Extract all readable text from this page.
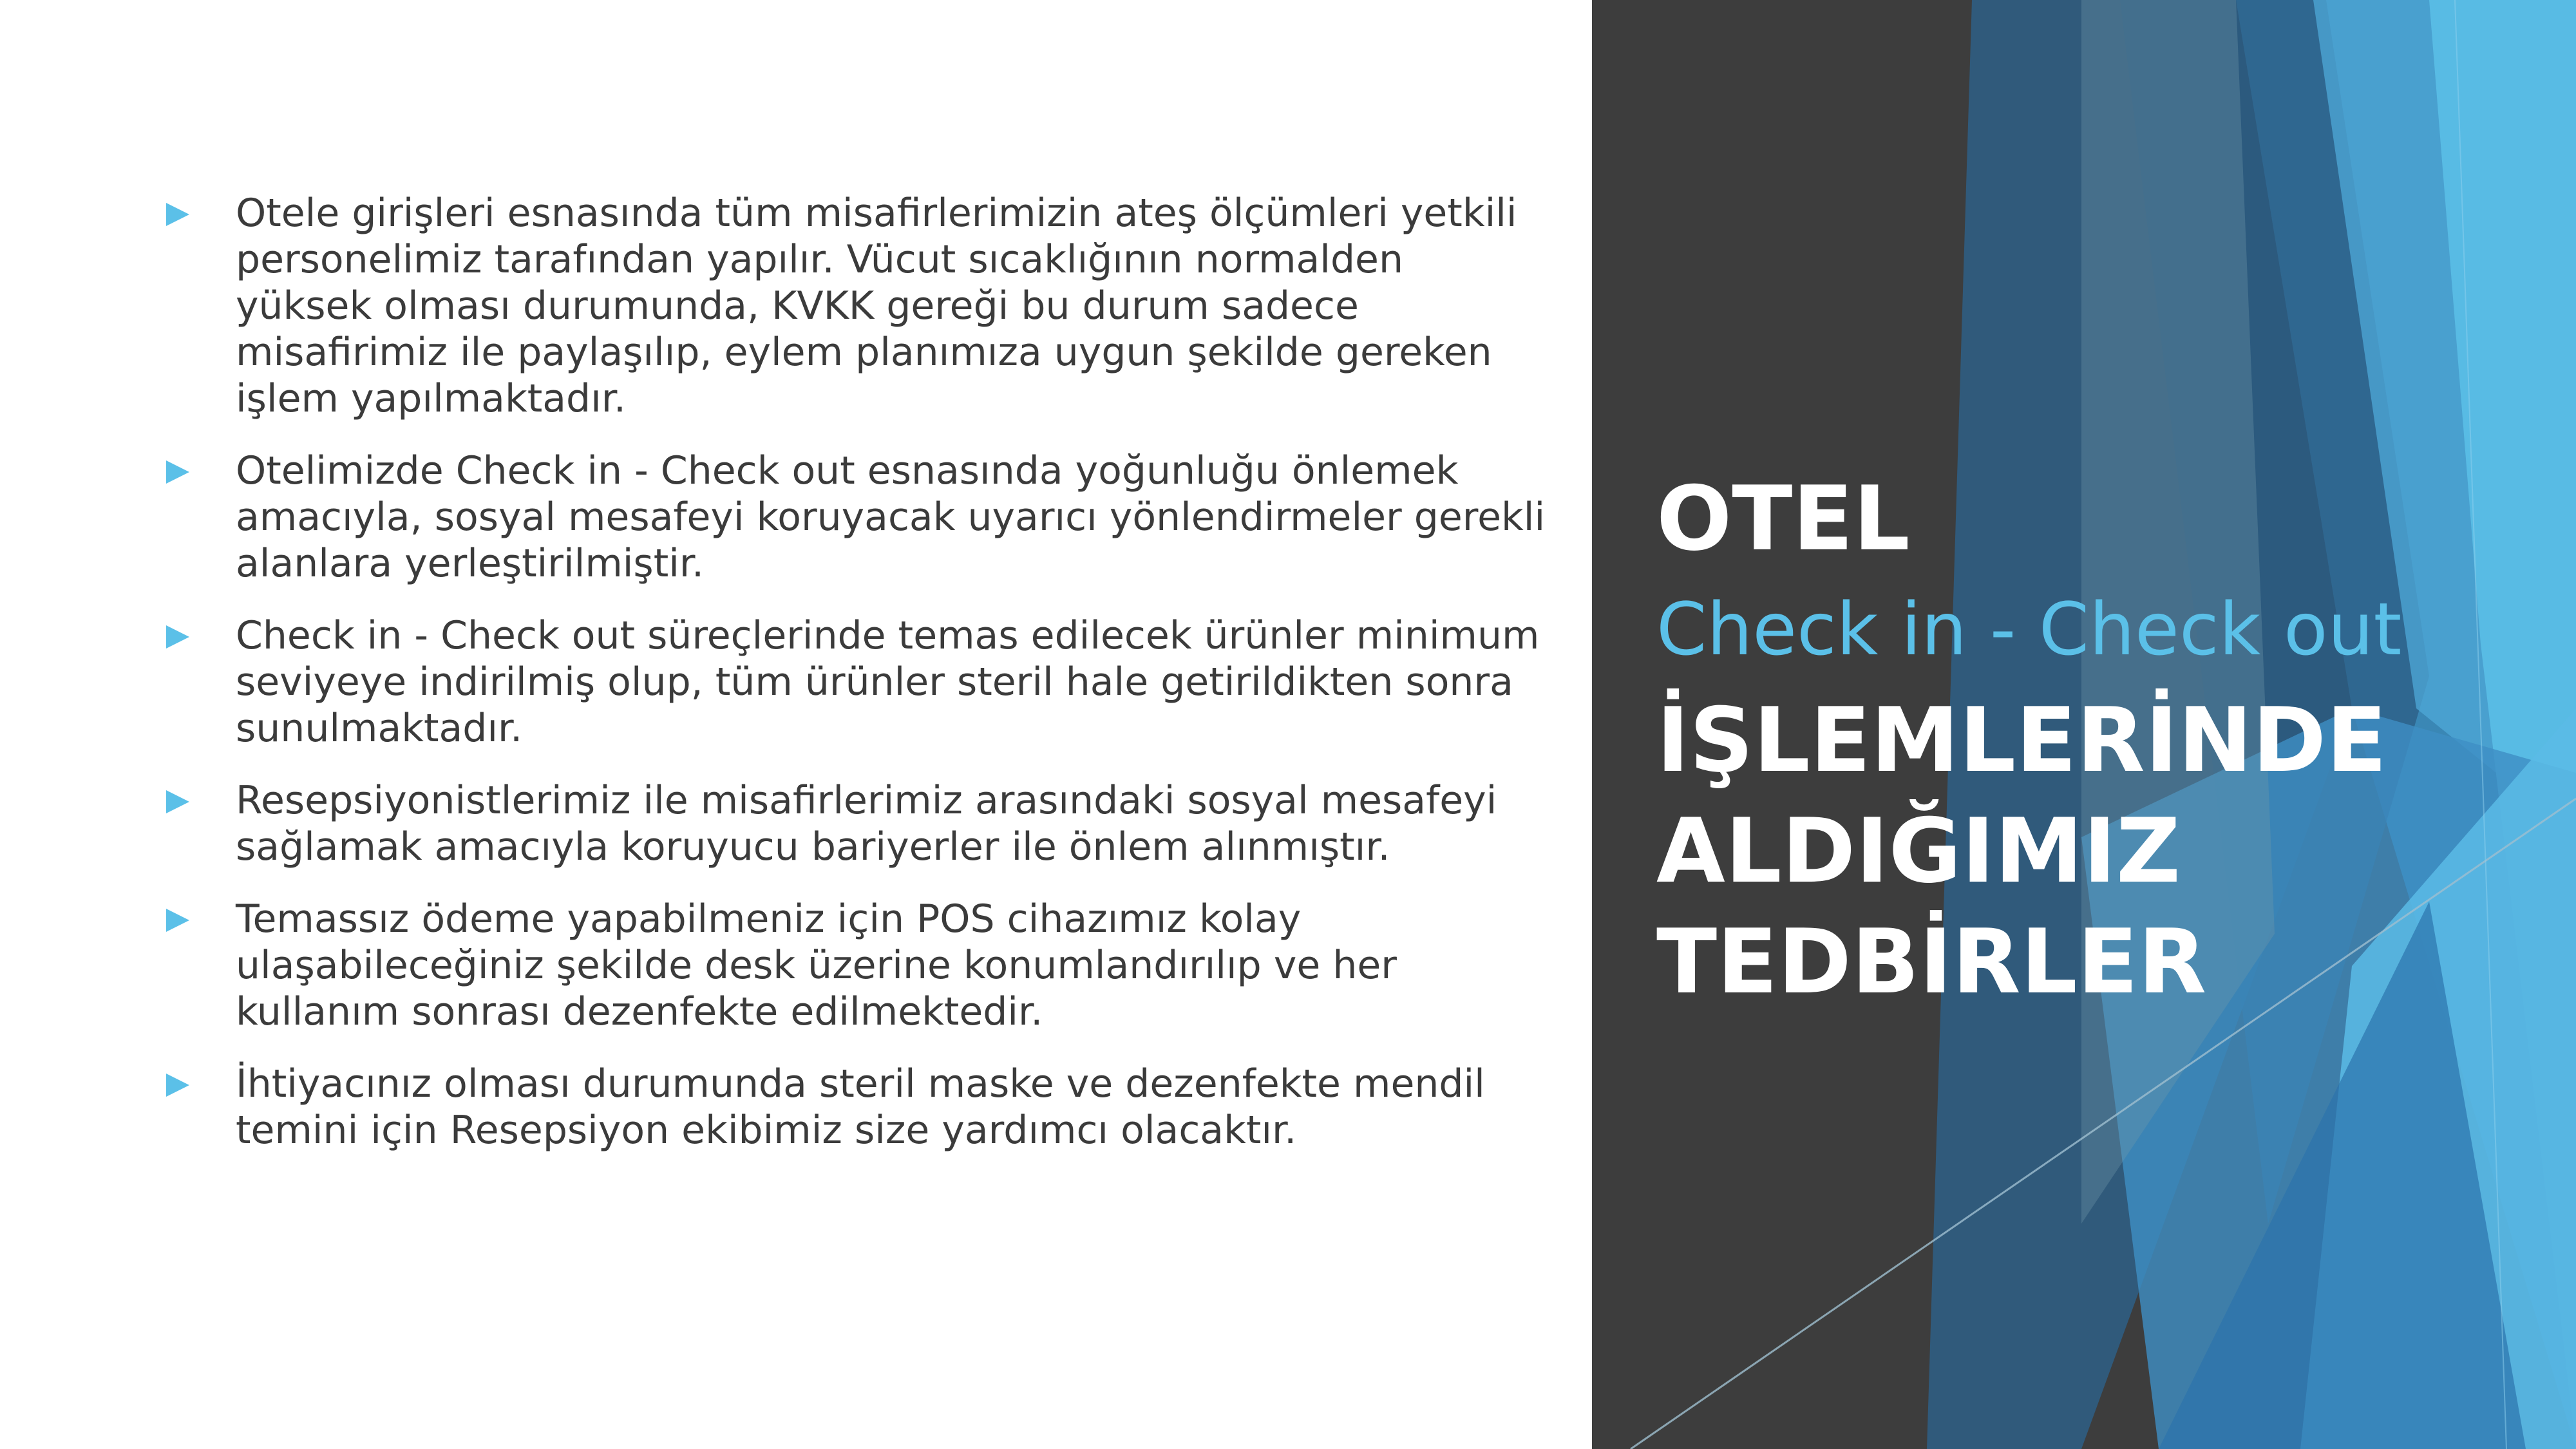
Otele girişleri esnasında tüm misafirlerimizin ateş ölçümleri yetkili personelimiz tarafından yapılır. Vücut sıcaklığının normalden yüksek olması durumunda, KVKK gereği bu durum sadece misafirimiz ile paylaşılıp, eylem planımıza uygun şekilde gereken işlem yapılmaktadır.
Otelimizde Check in - Check out esnasında yoğunluğu önlemek amacıyla, sosyal mesafeyi koruyacak uyarıcı yönlendirmeler gerekli alanlara yerleştirilmiştir.
Check in - Check out süreçlerinde temas edilecek ürünler minimum seviyeye indirilmiş olup, tüm ürünler steril hale getirildikten sonra sunulmaktadır.
Resepsiyonistlerimiz ile misafirlerimiz arasındaki sosyal mesafeyi sağlamak amacıyla koruyucu bariyerler ile önlem alınmıştır.
Temassız ödeme yapabilmeniz için POS cihazımız kolay ulaşabileceğiniz şekilde desk üzerine konumlandırılıp ve her kullanım sonrası dezenfekte edilmektedir.
İhtiyacınız olması durumunda steril maske ve dezenfekte mendil temini için Resepsiyon ekibimiz size yardımcı olacaktır.
OTEL
Check in - Check out
İŞLEMLERİNDE
ALDIĞIMIZ
TEDBİRLER
